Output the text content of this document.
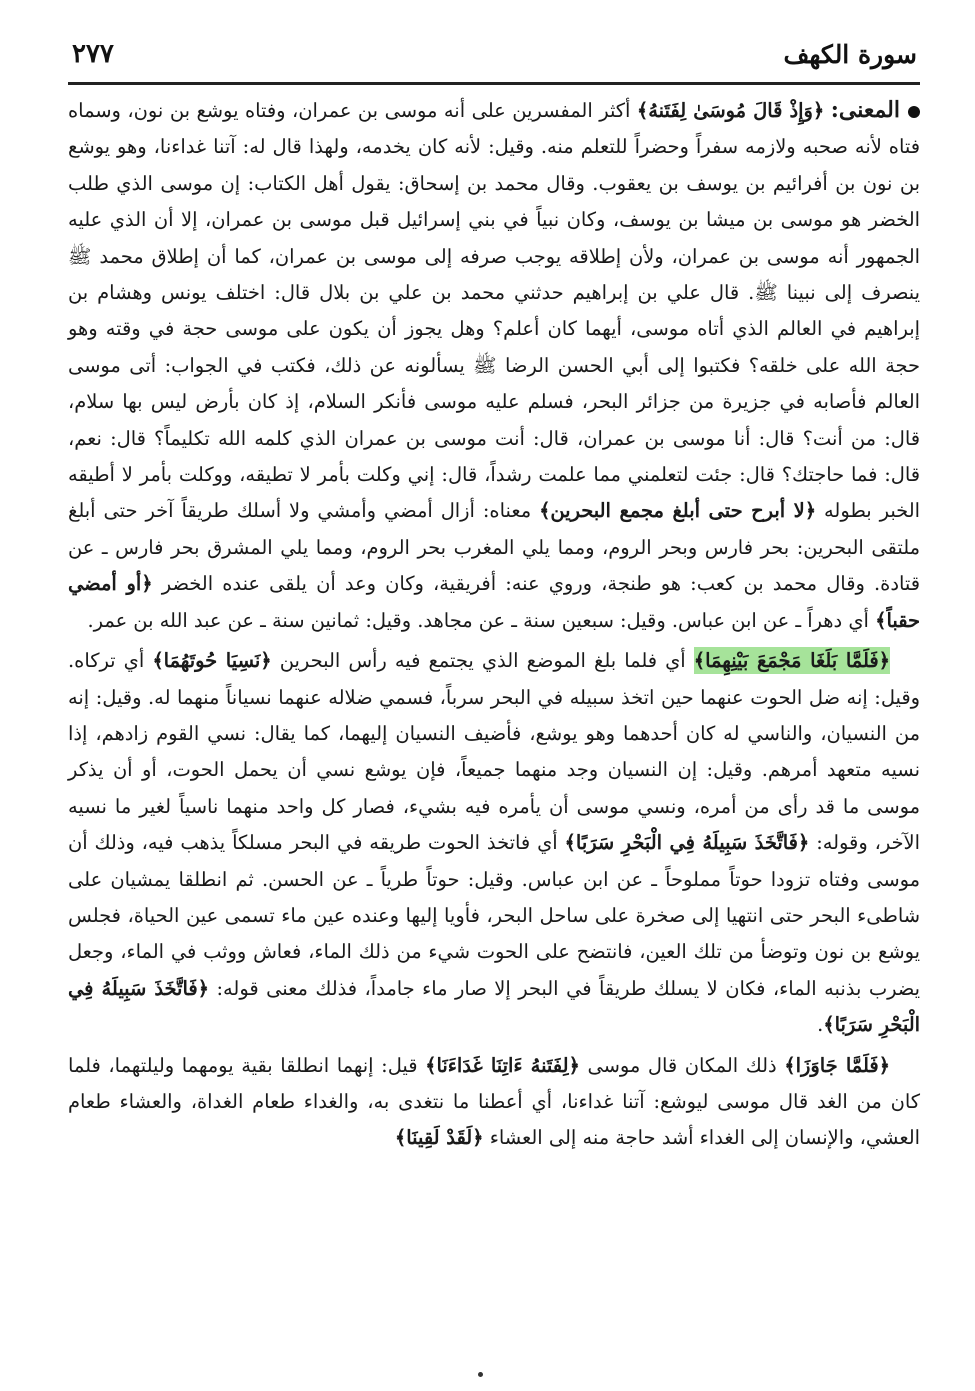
سورة الكهف
٢٧٧

المعنى: ﴿وَإِذْ قَالَ مُوسَىٰ لِفَتَنهُ﴾ أكثر المفسرين على أنه موسى بن عمران، وفتاه يوشع بن نون، وسماه فتاه لأنه صحبه ولازمه سفراً وحضراً للتعلم منه. وقيل: لأنه كان يخدمه، ولهذا قال له: آتنا غداءنا، وهو يوشع بن نون بن أفرائيم بن يوسف بن يعقوب. وقال محمد بن إسحاق: يقول أهل الكتاب: إن موسى الذي طلب الخضر هو موسى بن ميشا بن يوسف، وكان نبياً في بني إسرائيل قبل موسى بن عمران، إلا أن الذي عليه الجمهور أنه موسى بن عمران، ولأن إطلاقه يوجب صرفه إلى موسى بن عمران، كما أن إطلاق محمد ﷺ ينصرف إلى نبينا ﷺ. قال علي بن إبراهيم حدثني محمد بن علي بن بلال قال: اختلف يونس وهشام بن إبراهيم في العالم الذي أتاه موسى، أيهما كان أعلم؟ وهل يجوز أن يكون على موسى حجة في وقته وهو حجة الله على خلقه؟ فكتبوا إلى أبي الحسن الرضا ﷺ يسألونه عن ذلك، فكتب في الجواب: أتى موسى العالم فأصابه في جزيرة من جزائر البحر، فسلم عليه موسى فأنكر السلام، إذ كان بأرض ليس بها سلام، قال: من أنت؟ قال: أنا موسى بن عمران، قال: أنت موسى بن عمران الذي كلمه الله تكليماً؟ قال: نعم، قال: فما حاجتك؟ قال: جئت لتعلمني مما علمت رشداً، قال: إني وكلت بأمر لا تطيقه، ووكلت بأمر لا أطيقه الخبر بطوله ﴿لا أبرح حتى أبلغ مجمع البحرين﴾ معناه: أزال أمضي وأمشي ولا أسلك طريقاً آخر حتى أبلغ ملتقى البحرين: بحر فارس وبحر الروم، ومما يلي المغرب بحر الروم، ومما يلي المشرق بحر فارس ـ عن قتادة. وقال محمد بن كعب: هو طنجة، وروي عنه: أفريقية، وكان وعد أن يلقى عنده الخضر ﴿أو أمضي حقباً﴾ أي دهراً ـ عن ابن عباس. وقيل: سبعين سنة ـ عن مجاهد. وقيل: ثمانين سنة ـ عن عبد الله بن عمر.

﴿فَلَمَّا بَلَغَا مَجْمَعَ بَيْنِهِمَا﴾ أي فلما بلغ الموضع الذي يجتمع فيه رأس البحرين ﴿نَسِيَا حُوتَهُمَا﴾ أي تركاه. وقيل: إنه ضل الحوت عنهما حين اتخذ سبيله في البحر سرباً، فسمي ضلاله عنهما نسياناً منهما له. وقيل: إنه من النسيان، والناسي له كان أحدهما وهو يوشع، فأضيف النسيان إليهما، كما يقال: نسي القوم زادهم، إذا نسيه متعهد أمرهم. وقيل: إن النسيان وجد منهما جميعاً، فإن يوشع نسي أن يحمل الحوت، أو أن يذكر موسى ما قد رأى من أمره، ونسي موسى أن يأمره فيه بشيء، فصار كل واحد منهما ناسياً لغير ما نسيه الآخر، وقوله: ﴿فَاتَّخَذَ سَبِيلَهُ فِي الْبَحْرِ سَرَبًا﴾ أي فاتخذ الحوت طريقه في البحر مسلكاً يذهب فيه، وذلك أن موسى وفتاه تزودا حوتاً مملوحاً ـ عن ابن عباس. وقيل: حوتاً طرياً ـ عن الحسن. ثم انطلقا يمشيان على شاطىء البحر حتى انتهيا إلى صخرة على ساحل البحر، فأويا إليها وعنده عين ماء تسمى عين الحياة، فجلس يوشع بن نون وتوضأ من تلك العين، فانتضح على الحوت شيء من ذلك الماء، فعاش ووثب في الماء، وجعل يضرب بذنبه الماء، فكان لا يسلك طريقاً في البحر إلا صار ماء جامداً، فذلك معنى قوله: ﴿فَاتَّخَذَ سَبِيلَهُ فِي الْبَحْرِ سَرَبًا﴾.

﴿فَلَمَّا جَاوَزَا﴾ ذلك المكان قال موسى ﴿لِفَتَنهُ ءَاتِنَا غَدَاءَنَا﴾ قيل: إنهما انطلقا بقية يومهما وليلتهما، فلما كان من الغد قال موسى ليوشع: آتنا غداءنا، أي أعطنا ما نتغدى به، والغداء طعام الغداة، والعشاء طعام العشي، والإنسان إلى الغداء أشد حاجة منه إلى العشاء ﴿لَقَدْ لَقِينَا﴾
